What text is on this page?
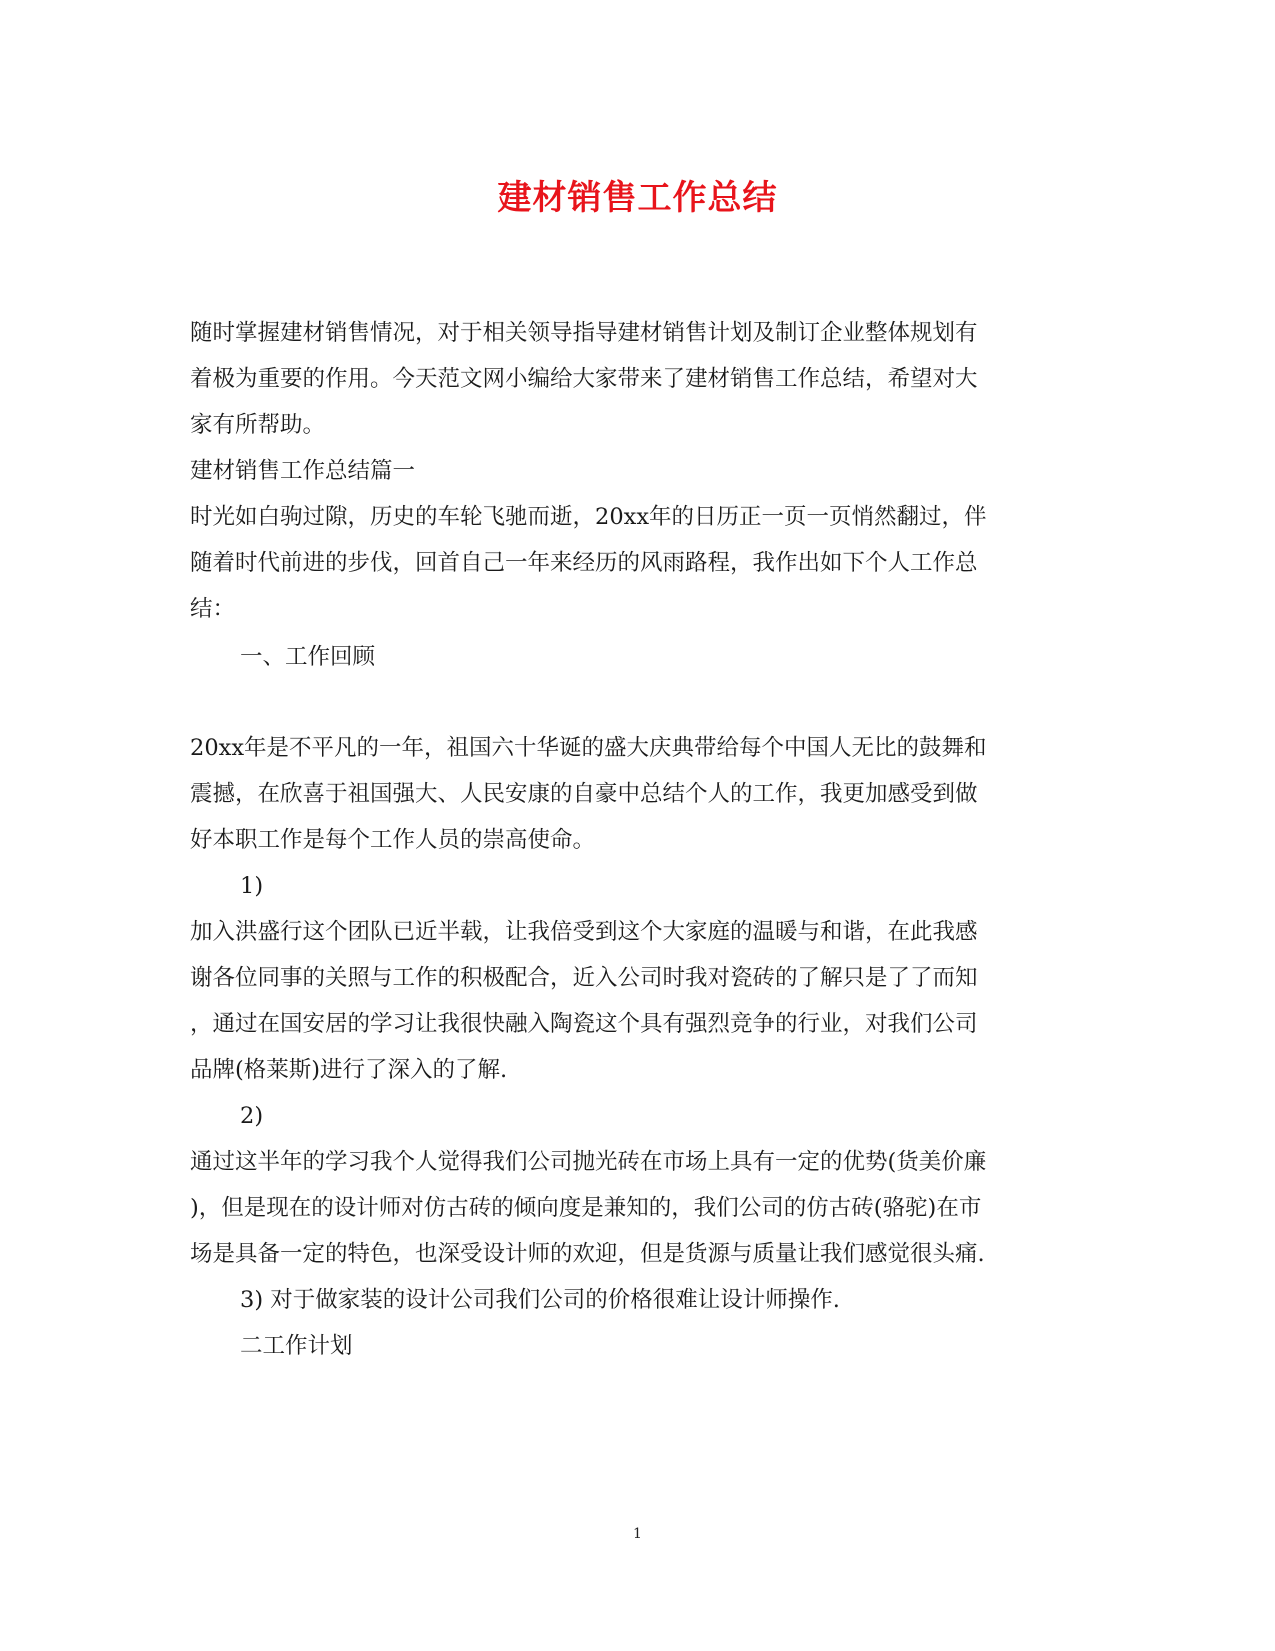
建材销售工作总结
随时掌握建材销售情况，对于相关领导指导建材销售计划及制订企业整体规划有
着极为重要的作用。今天范文网小编给大家带来了建材销售工作总结，希望对大
家有所帮助。
建材销售工作总结篇一
时光如白驹过隙，历史的车轮飞驰而逝，20xx年的日历正一页一页悄然翻过，伴
随着时代前进的步伐，回首自己一年来经历的风雨路程，我作出如下个人工作总
结：
一、工作回顾
20xx年是不平凡的一年，祖国六十华诞的盛大庆典带给每个中国人无比的鼓舞和
震撼，在欣喜于祖国强大、人民安康的自豪中总结个人的工作，我更加感受到做
好本职工作是每个工作人员的崇高使命。
1)
加入洪盛行这个团队已近半载，让我倍受到这个大家庭的温暖与和谐，在此我感
谢各位同事的关照与工作的积极配合，近入公司时我对瓷砖的了解只是了了而知
，通过在国安居的学习让我很快融入陶瓷这个具有强烈竞争的行业，对我们公司
品牌(格莱斯)进行了深入的了解.
2)
通过这半年的学习我个人觉得我们公司抛光砖在市场上具有一定的优势(货美价廉
)，但是现在的设计师对仿古砖的倾向度是兼知的，我们公司的仿古砖(骆驼)在市
场是具备一定的特色，也深受设计师的欢迎，但是货源与质量让我们感觉很头痛.
3) 对于做家装的设计公司我们公司的价格很难让设计师操作.
二工作计划
1
